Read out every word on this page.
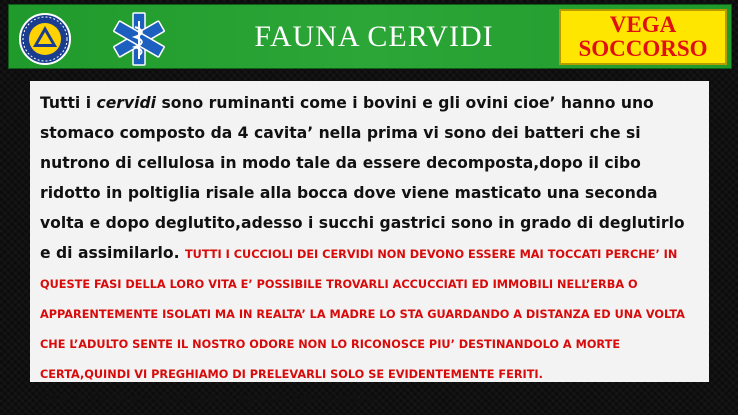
FAUNA CERVIDI	VEGA
SOCCORSO

Tutti i cervidi sono ruminanti come i bovini e gli ovini cioe’ hanno uno stomaco composto da 4 cavita’ nella prima vi sono dei batteri che si nutrono di cellulosa in modo tale da essere decomposta,dopo il cibo ridotto in poltiglia risale alla bocca dove viene masticato una seconda volta e dopo deglutito,adesso i succhi gastrici sono in grado di deglutirlo e di assimilarlo. TUTTI I CUCCIOLI DEI CERVIDI NON DEVONO ESSERE MAI TOCCATI PERCHE’ IN QUESTE FASI DELLA LORO VITA E’ POSSIBILE TROVARLI ACCUCCIATI ED IMMOBILI NELL’ERBA O APPARENTEMENTE ISOLATI MA IN REALTA’ LA MADRE LO STA GUARDANDO A DISTANZA ED UNA VOLTA CHE L’ADULTO SENTE IL NOSTRO ODORE NON LO RICONOSCE PIU’ DESTINANDOLO A MORTE CERTA,QUINDI VI PREGHIAMO DI PRELEVARLI SOLO SE EVIDENTEMENTE FERITI.

Ora vi faremo conoscere specie per specie:
